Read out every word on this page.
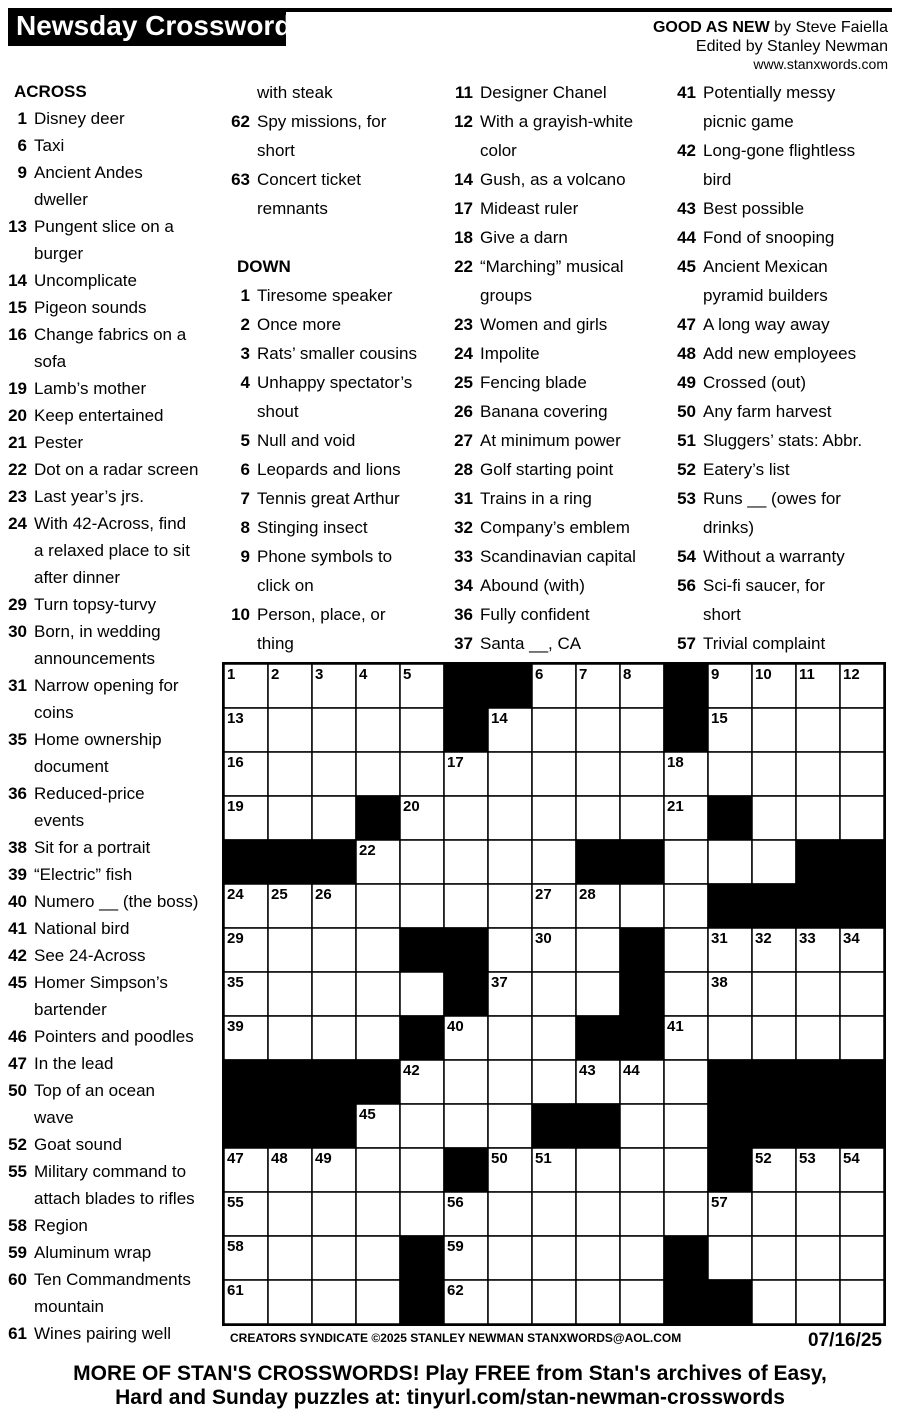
Newsday Crossword	GOOD AS NEW by Steve Faiella
Edited by Stanley Newman
www.stanxwords.com
ACROSS
1 Disney deer
6 Taxi
9 Ancient Andes
dweller
13 Pungent slice on a
burger
14 Uncomplicate
15 Pigeon sounds
16 Change fabrics on a
sofa
19 Lamb’s mother
20 Keep entertained
21 Pester
22 Dot on a radar screen
23 Last year’s jrs.
24 With 42-Across, find
a relaxed place to sit
after dinner
29 Turn topsy-turvy
30 Born, in wedding
announcements
31 Narrow opening for
coins
35 Home ownership
document
36 Reduced-price
events
38 Sit for a portrait
39 “Electric” fish
40 Numero __ (the boss)
41 National bird
42 See 24-Across
45 Homer Simpson’s
bartender
46 Pointers and poodles
47 In the lead
50 Top of an ocean
wave
52 Goat sound
55 Military command to
attach blades to rifles
58 Region
59 Aluminum wrap
60 Ten Commandments
mountain
61 Wines pairing well
with steak
62 Spy missions, for
short
63 Concert ticket
remnants
DOWN
1 Tiresome speaker
2 Once more
3 Rats’ smaller cousins
4 Unhappy spectator’s
shout
5 Null and void
6 Leopards and lions
7 Tennis great Arthur
8 Stinging insect
9 Phone symbols to
click on
10 Person, place, or
thing
11 Designer Chanel
12 With a grayish-white
color
14 Gush, as a volcano
17 Mideast ruler
18 Give a darn
22 “Marching” musical
groups
23 Women and girls
24 Impolite
25 Fencing blade
26 Banana covering
27 At minimum power
28 Golf starting point
31 Trains in a ring
32 Company’s emblem
33 Scandinavian capital
34 Abound (with)
36 Fully confident
37 Santa __, CA
41 Potentially messy
picnic game
42 Long-gone flightless
bird
43 Best possible
44 Fond of snooping
45 Ancient Mexican
pyramid builders
47 A long way away
48 Add new employees
49 Crossed (out)
50 Any farm harvest
51 Sluggers’ stats: Abbr.
52 Eatery’s list
53 Runs __ (owes for
drinks)
54 Without a warranty
56 Sci-fi saucer, for
short
57 Trivial complaint
1 2 3 4 5	6 7 8	9 10 11 12
13	14	15
16	17	18
19	20	21
22	23
24 25 26	27 28
29	30	31 32 33 34
35	36 37	38
39	40	41
42	43 44
45	46
47 48 49	50 51	52 53 54
55	56	57
58	59	60
61	62	63
CREATORS SYNDICATE ©2025 STANLEY NEWMAN STANXWORDS@AOL.COM	07/16/25
MORE OF STAN'S CROSSWORDS! Play FREE from Stan's archives of Easy,
Hard and Sunday puzzles at: tinyurl.com/stan-newman-crosswords
